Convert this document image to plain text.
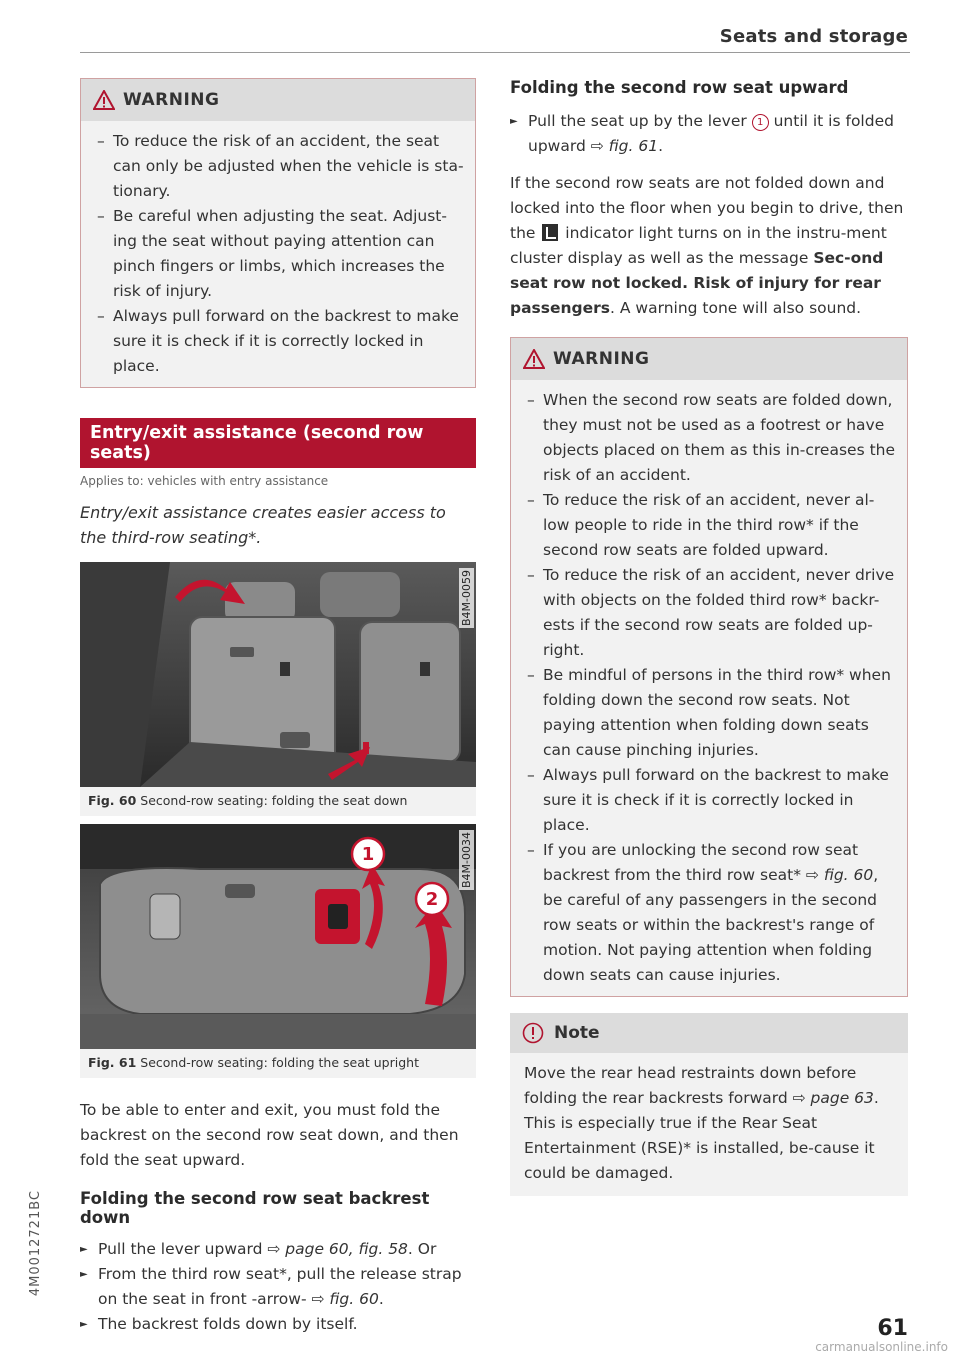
Seats and storage
WARNING
– To reduce the risk of an accident, the seat can only be adjusted when the vehicle is sta-tionary.
– Be careful when adjusting the seat. Adjust-ing the seat without paying attention can pinch fingers or limbs, which increases the risk of injury.
– Always pull forward on the backrest to make sure it is check if it is correctly locked in place.
Entry/exit assistance (second row seats)
Applies to: vehicles with entry assistance

Entry/exit assistance creates easier access to the third-row seating*.

B4M-0059
Fig. 60 Second-row seating: folding the seat down
1
2
B4M-0034
Fig. 61 Second-row seating: folding the seat upright

To be able to enter and exit, you must fold the backrest on the second row seat down, and then fold the seat upward.

Folding the second row seat backrest down
► Pull the lever upward ⇨ page 60, fig. 58. Or
► From the third row seat*, pull the release strap on the seat in front -arrow- ⇨ fig. 60.
► The backrest folds down by itself.
Folding the second row seat upward
► Pull the seat up by the lever 1 until it is folded upward ⇨ fig. 61.

If the second row seats are not folded down and locked into the floor when you begin to drive, then the  indicator light turns on in the instru-ment cluster display as well as the message Sec-ond seat row not locked. Risk of injury for rear passengers. A warning tone will also sound.

WARNING
– When the second row seats are folded down, they must not be used as a footrest or have objects placed on them as this in-creases the risk of an accident.
– To reduce the risk of an accident, never al-low people to ride in the third row* if the second row seats are folded upward.
– To reduce the risk of an accident, never drive with objects on the folded third row* backr-ests if the second row seats are folded up-right.
– Be mindful of persons in the third row* when folding down the second row seats. Not paying attention when folding down seats can cause pinching injuries.
– Always pull forward on the backrest to make sure it is check if it is correctly locked in place.
– If you are unlocking the second row seat backrest from the third row seat* ⇨ fig. 60, be careful of any passengers in the second row seats or within the backrest's range of motion. Not paying attention when folding down seats can cause injuries.
Note
Move the rear head restraints down before folding the rear backrests forward ⇨ page 63. This is especially true if the Rear Seat Entertainment (RSE)* is installed, be-cause it could be damaged.
4M0012721BC
61
carmanualsonline.info
